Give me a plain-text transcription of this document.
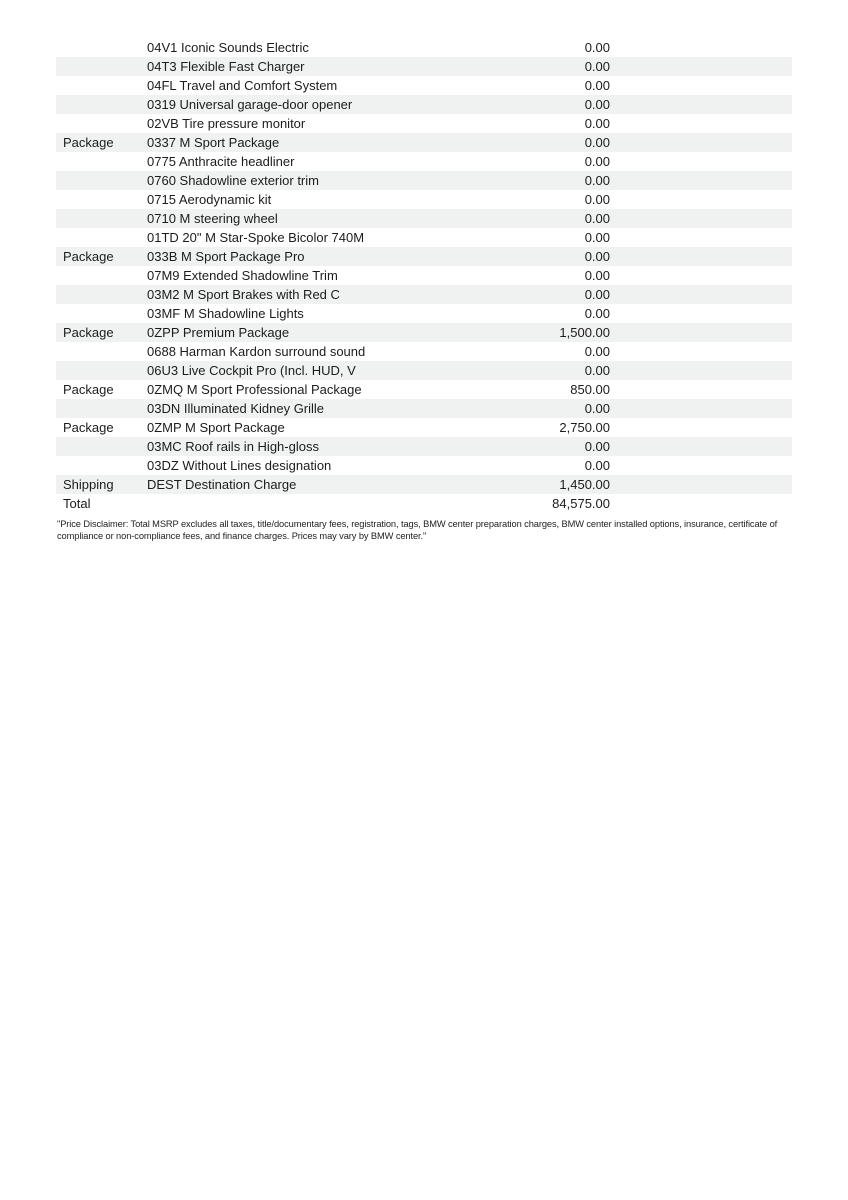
04V1 Iconic Sounds Electric	0.00
04T3 Flexible Fast Charger	0.00
04FL Travel and Comfort System	0.00
0319 Universal garage-door opener	0.00
02VB Tire pressure monitor	0.00
Package	0337 M Sport Package	0.00
0775 Anthracite headliner	0.00
0760 Shadowline exterior trim	0.00
0715 Aerodynamic kit	0.00
0710 M steering wheel	0.00
01TD 20" M Star-Spoke Bicolor 740M	0.00
Package	033B M Sport Package Pro	0.00
07M9 Extended Shadowline Trim	0.00
03M2 M Sport Brakes with Red C	0.00
03MF M Shadowline Lights	0.00
Package	0ZPP Premium Package	1,500.00
0688 Harman Kardon surround sound	0.00
06U3 Live Cockpit Pro (Incl. HUD, V	0.00
Package	0ZMQ M Sport Professional Package	850.00
03DN Illuminated Kidney Grille	0.00
Package	0ZMP M Sport Package	2,750.00
03MC Roof rails in High-gloss	0.00
03DZ Without Lines designation	0.00
Shipping	DEST Destination Charge	1,450.00
Total	84,575.00
"Price Disclaimer: Total MSRP excludes all taxes, title/documentary fees, registration, tags, BMW center preparation charges, BMW center installed options, insurance, certificate of compliance or non-compliance fees, and finance charges. Prices may vary by BMW center."
